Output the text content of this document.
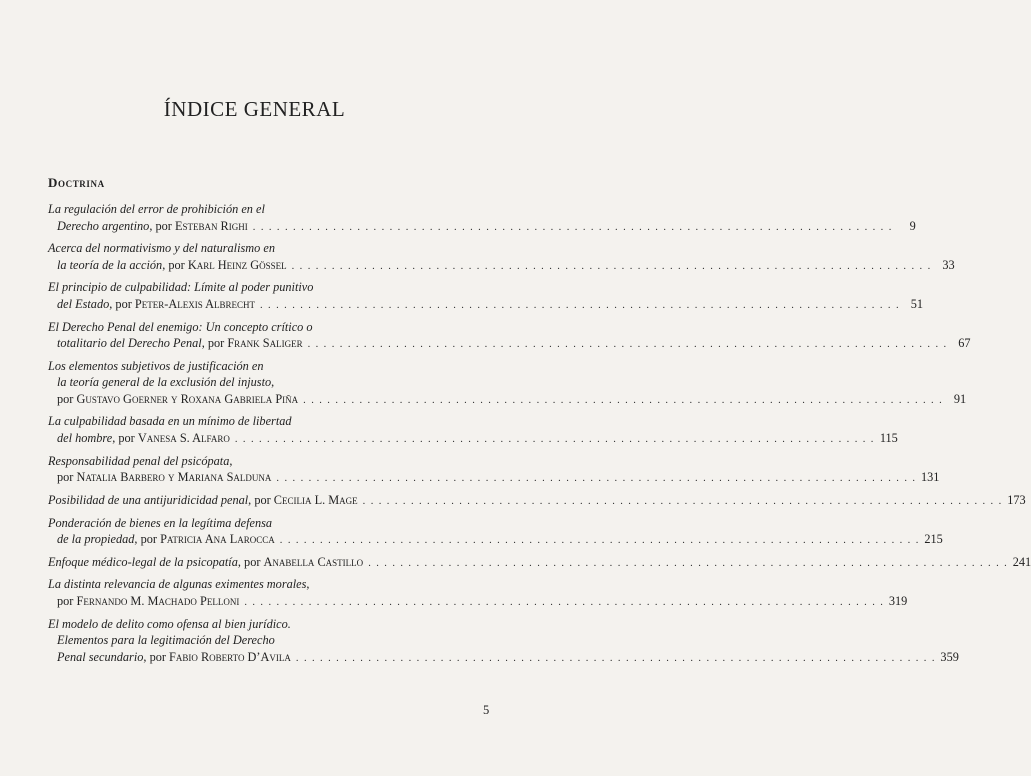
ÍNDICE GENERAL
Doctrina
La regulación del error de prohibición en el
Derecho argentino , por
Esteban Righi . . . . . . . . . . . . . . . . . . . . . . . . . . . . . . . . . . . . . . . . . . . . . . . . . . . . . . . . . . . . . . . . . . . . . . . . . . . . . . . .	9
Acerca del normativismo y del naturalismo en
la teoría de la acción , por
Karl Heinz Gössel . . . . . . . . . . . . . . . . . . . . . . . . . . . . . . . . . . . . . . . . . . . . . . . . . . . . . . . . . . . . . . . . . . . . . . . . . . . . . . . . 33
El principio de culpabilidad: Límite al poder punitivo
del Estado , por
Peter-Alexis Albrecht . . . . . . . . . . . . . . . . . . . . . . . . . . . . . . . . . . . . . . . . . . . . . . . . . . . . . . . . . . . . . . . . . . . . . . . . . . . . . . . . 51
El Derecho Penal del enemigo: Un concepto crítico o
totalitario del Derecho Penal , por
Frank Saliger . . . . . . . . . . . . . . . . . . . . . . . . . . . . . . . . . . . . . . . . . . . . . . . . . . . . . . . . . . . . . . . . . . . . . . . . . . . . . . . . 67
Los elementos subjetivos de justificación en
la teoría general de la exclusión del injusto ,
por
Gustavo Goerner y Roxana Gabriela Piña . . . . . . . . . . . . . . . . . . . . . . . . . . . . . . . . . . . . . . . . . . . . . . . . . . . . . . . . . . . . . . . . . . . . . . . . . . . . . . . . 91
La culpabilidad basada en un mínimo de libertad
del hombre , por
Vanesa S. Alfaro . . . . . . . . . . . . . . . . . . . . . . . . . . . . . . . . . . . . . . . . . . . . . . . . . . . . . . . . . . . . . . . . . . . . . . . . . . . . . . . . 115
Responsabilidad penal del psicópata ,
por
Natalia Barbero y Mariana Salduna . . . . . . . . . . . . . . . . . . . . . . . . . . . . . . . . . . . . . . . . . . . . . . . . . . . . . . . . . . . . . . . . . . . . . . . . . . . . . . . . 131
Posibilidad de una antijuridicidad penal , por
Cecilia L. Mage . . . . . . . . . . . . . . . . . . . . . . . . . . . . . . . . . . . . . . . . . . . . . . . . . . . . . . . . . . . . . . . . . . . . . . . . . . . . . . . . 173
Ponderación de bienes en la legítima defensa
de la propiedad , por
Patricia Ana Larocca . . . . . . . . . . . . . . . . . . . . . . . . . . . . . . . . . . . . . . . . . . . . . . . . . . . . . . . . . . . . . . . . . . . . . . . . . . . . . . . . 215
Enfoque médico-legal de la psicopatía , por
Anabella Castillo . . . . . . . . . . . . . . . . . . . . . . . . . . . . . . . . . . . . . . . . . . . . . . . . . . . . . . . . . . . . . . . . . . . . . . . . . . . . . . . . 241
La distinta relevancia de algunas eximentes morales ,
por
Fernando M. Machado Pelloni . . . . . . . . . . . . . . . . . . . . . . . . . . . . . . . . . . . . . . . . . . . . . . . . . . . . . . . . . . . . . . . . . . . . . . . . . . . . . . . . 319
El modelo de delito como ofensa al bien jurídico.
Elementos para la legitimación del Derecho
Penal secundario , por
Fabio Roberto D’Avila . . . . . . . . . . . . . . . . . . . . . . . . . . . . . . . . . . . . . . . . . . . . . . . . . . . . . . . . . . . . . . . . . . . . . . . . . . . . . . . . 359
5
